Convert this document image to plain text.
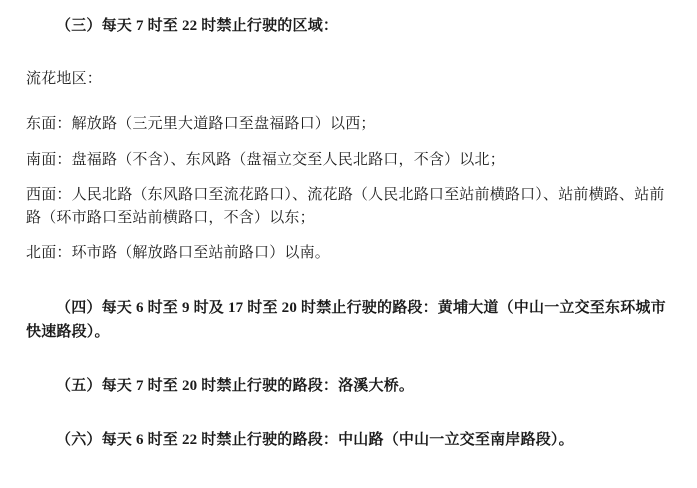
（三）每天 7 时至 22 时禁止行驶的区域：

流花地区：

东面：解放路（三元里大道路口至盘福路口）以西；

南面：盘福路（不含）、东风路（盘福立交至人民北路口，不含）以北；

西面：人民北路（东风路口至流花路口）、流花路（人民北路口至站前横路口）、站前横路、站前路（环市路口至站前横路口，不含）以东；

北面：环市路（解放路口至站前路口）以南。

（四）每天 6 时至 9 时及 17 时至 20 时禁止行驶的路段：黄埔大道（中山一立交至东环城市快速路段）。

（五）每天 7 时至 20 时禁止行驶的路段：洛溪大桥。

（六）每天 6 时至 22 时禁止行驶的路段：中山路（中山一立交至南岸路段）。
